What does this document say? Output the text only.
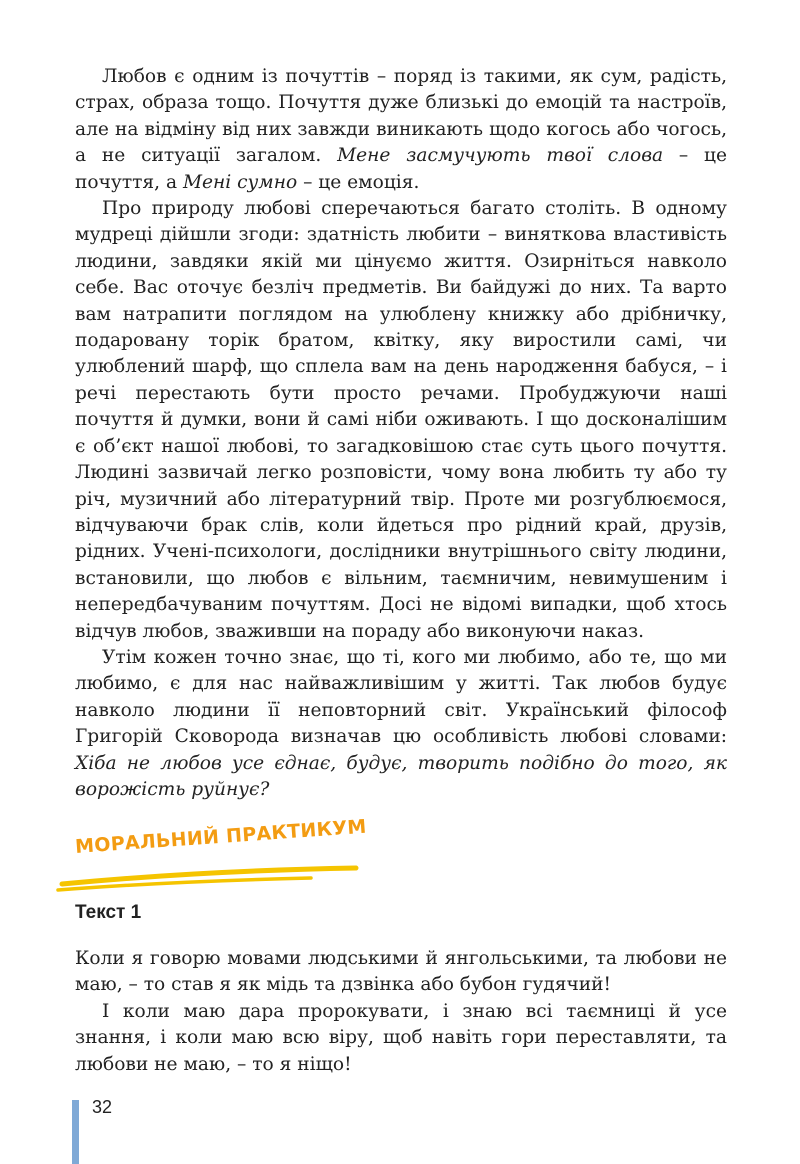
Любов є одним із почуттів – поряд із такими, як сум, радість, страх, образа тощо. Почуття дуже близькі до емоцій та настроїв, але на відміну від них завжди виникають щодо когось або чогось, а не ситуації загалом. Мене засмучують твої слова – це почуття, а Мені сумно – це емоція.

Про природу любові сперечаються багато століть. В одному мудреці дійшли згоди: здатність любити – виняткова властивість людини, завдяки якій ми цінуємо життя. Озирніться навколо себе. Вас оточує безліч предметів. Ви байдужі до них. Та варто вам натрапити поглядом на улюблену книжку або дрібничку, подаровану торік братом, квітку, яку виростили самі, чи улюблений шарф, що сплела вам на день народження бабуся, – і речі перестають бути просто речами. Пробуджуючи наші почуття й думки, вони й самі ніби оживають. І що досконалішим є об’єкт нашої любові, то загадковішою стає суть цього почуття. Людині зазвичай легко розповісти, чому вона любить ту або ту річ, музичний або літературний твір. Проте ми розгублюємося, відчуваючи брак слів, коли йдеться про рідний край, друзів, рідних. Учені-психологи, дослідники внутрішнього світу людини, встановили, що любов є вільним, таємничим, невимушеним і непередбачуваним почуттям. Досі не відомі випадки, щоб хтось відчув любов, зваживши на пораду або виконуючи наказ.

Утім кожен точно знає, що ті, кого ми любимо, або те, що ми любимо, є для нас найважливішим у житті. Так любов будує навколо людини її неповторний світ. Український філософ Григорій Сковорода визначав цю особливість любові словами: Хіба не любов усе єднає, будує, творить подібно до того, як ворожість руйнує?

МОРАЛЬНИЙ ПРАКТИКУМ
Текст 1

Коли я говорю мовами людськими й янгольськими, та любови не маю, – то став я як мідь та дзвінка або бубон гудячий!

І коли маю дара пророкувати, і знаю всі таємниці й усе знання, і коли маю всю віру, щоб навіть гори переставляти, та любови не маю, – то я ніщо!

32
